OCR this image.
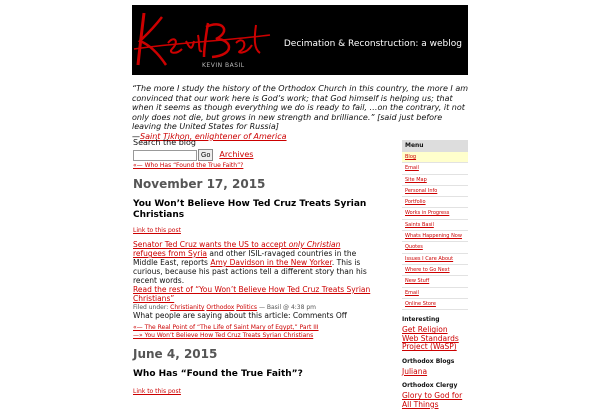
KEVIN BASIL
Decimation & Reconstruction: a weblog
“The more I study the history of the Orthodox Church in this country, the more I am convinced that our work here is God’s work; that God himself is helping us; that when it seems as though everything we do is ready to fail, …on the contrary, it not only does not die, but grows in new strength and brilliance.” [said just before leaving the United States for Russia]
—Saint Tikhon, enlightener of America
Search the blog
Go	Archives
«— Who Has “Found the True Faith”?
November 17, 2015
You Won’t Believe How Ted Cruz Treats Syrian Christians
Link to this post
Senator Ted Cruz wants the US to accept only Christian refugees from Syria and other ISIL-ravaged countries in the Middle East, reports Amy Davidson in the New Yorker. This is curious, because his past actions tell a different story than his recent words.
Read the rest of “You Won’t Believe How Ted Cruz Treats Syrian Christians”
Filed under: Christianity Orthodox Politics — Basil @ 4:38 pm
What people are saying about this article: Comments Off
«— The Real Point of “The Life of Saint Mary of Egypt,” Part III
—» You Won’t Believe How Ted Cruz Treats Syrian Christians
June 4, 2015
Who Has “Found the True Faith”?
Link to this post
Menu
Blog
Email
Site Map
Personal Info
Portfolio
Works in Progress
Saints Basil
Whats Happening Now
Quotes
Issues I Care About
Where to Go Next
New Stuff
Email
Online Store
Interesting
Get Religion
Web Standards Project (WaSP)
Orthodox Blogs
Juliana
Orthodox Clergy
Glory to God for All Things
